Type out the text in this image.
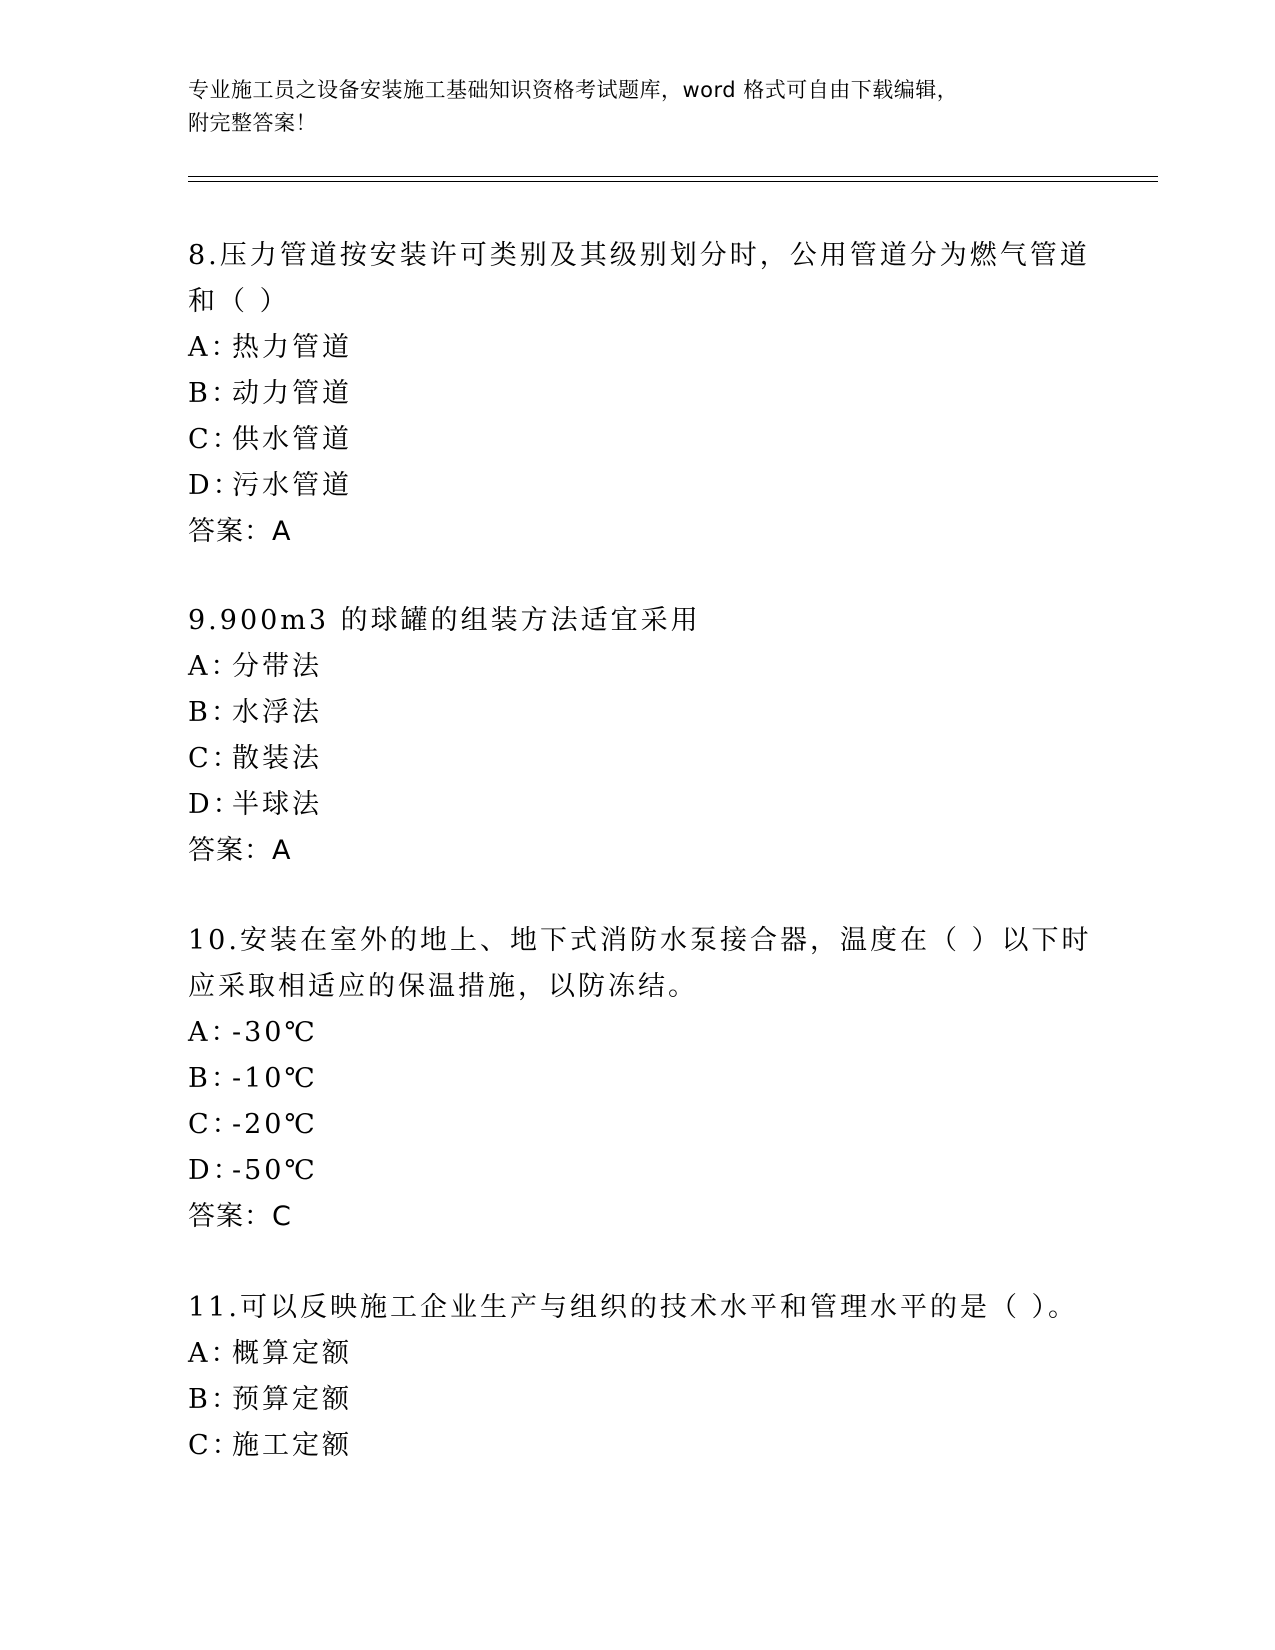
专业施工员之设备安装施工基础知识资格考试题库，word 格式可自由下载编辑，
附完整答案！
8.压力管道按安装许可类别及其级别划分时，公用管道分为燃气管道
和（ ）
A：热力管道
B：动力管道
C：供水管道
D：污水管道
答案：A
9.900m3 的球罐的组装方法适宜采用
A：分带法
B：水浮法
C：散装法
D：半球法
答案：A
10.安装在室外的地上、地下式消防水泵接合器，温度在（ ）以下时
应采取相适应的保温措施，以防冻结。
A：-30℃
B：-10℃
C：-20℃
D：-50℃
答案：C
11.可以反映施工企业生产与组织的技术水平和管理水平的是（ ）。
A：概算定额
B：预算定额
C：施工定额
